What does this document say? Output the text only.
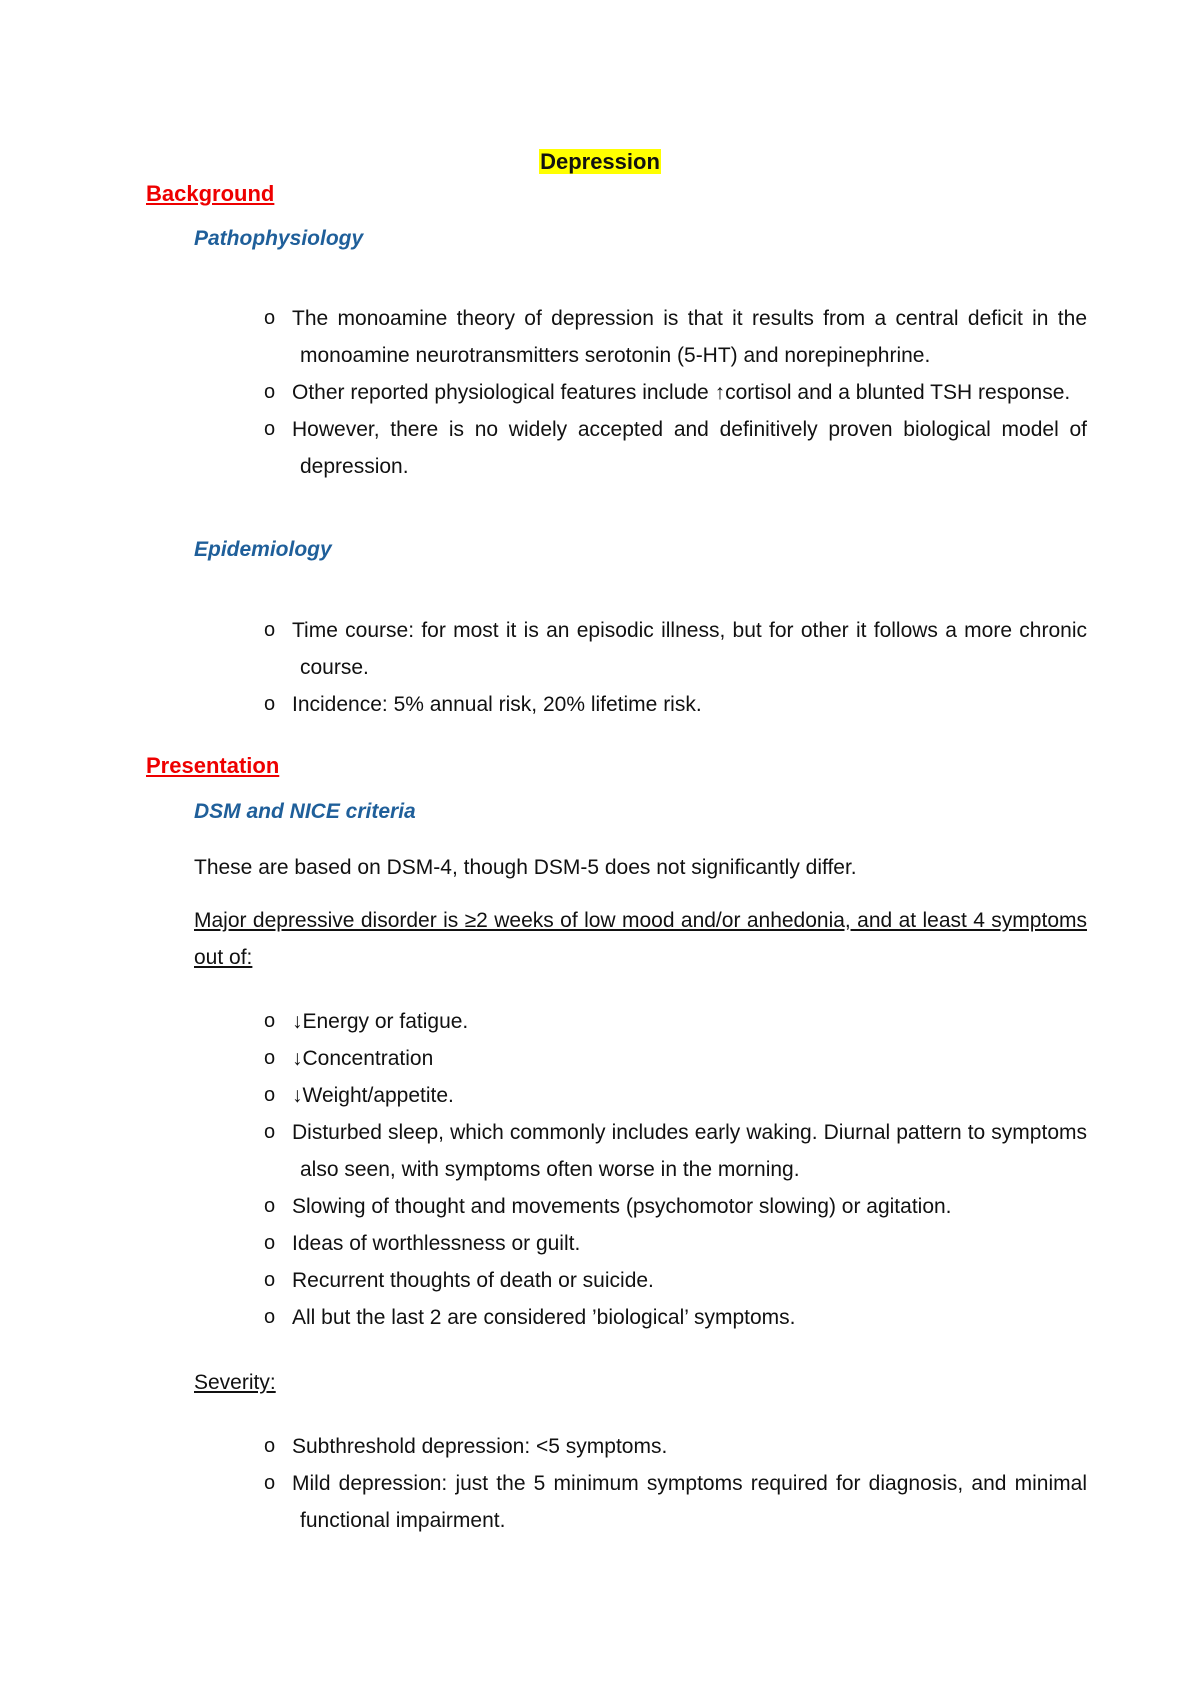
Depression
Background
Pathophysiology
o The monoamine theory of depression is that it results from a central deficit in the monoamine neurotransmitters serotonin (5-HT) and norepinephrine.
o Other reported physiological features include ↑cortisol and a blunted TSH response.
o However, there is no widely accepted and definitively proven biological model of depression.
Epidemiology
o Time course: for most it is an episodic illness, but for other it follows a more chronic course.
o Incidence: 5% annual risk, 20% lifetime risk.
Presentation
DSM and NICE criteria
These are based on DSM-4, though DSM-5 does not significantly differ.
Major depressive disorder is ≥2 weeks of low mood and/or anhedonia, and at least 4 symptoms out of:
o ↓Energy or fatigue.
o ↓Concentration
o ↓Weight/appetite.
o Disturbed sleep, which commonly includes early waking. Diurnal pattern to symptoms also seen, with symptoms often worse in the morning.
o Slowing of thought and movements (psychomotor slowing) or agitation.
o Ideas of worthlessness or guilt.
o Recurrent thoughts of death or suicide.
o All but the last 2 are considered ’biological’ symptoms.
Severity:
o Subthreshold depression: <5 symptoms.
o Mild depression: just the 5 minimum symptoms required for diagnosis, and minimal functional impairment.
